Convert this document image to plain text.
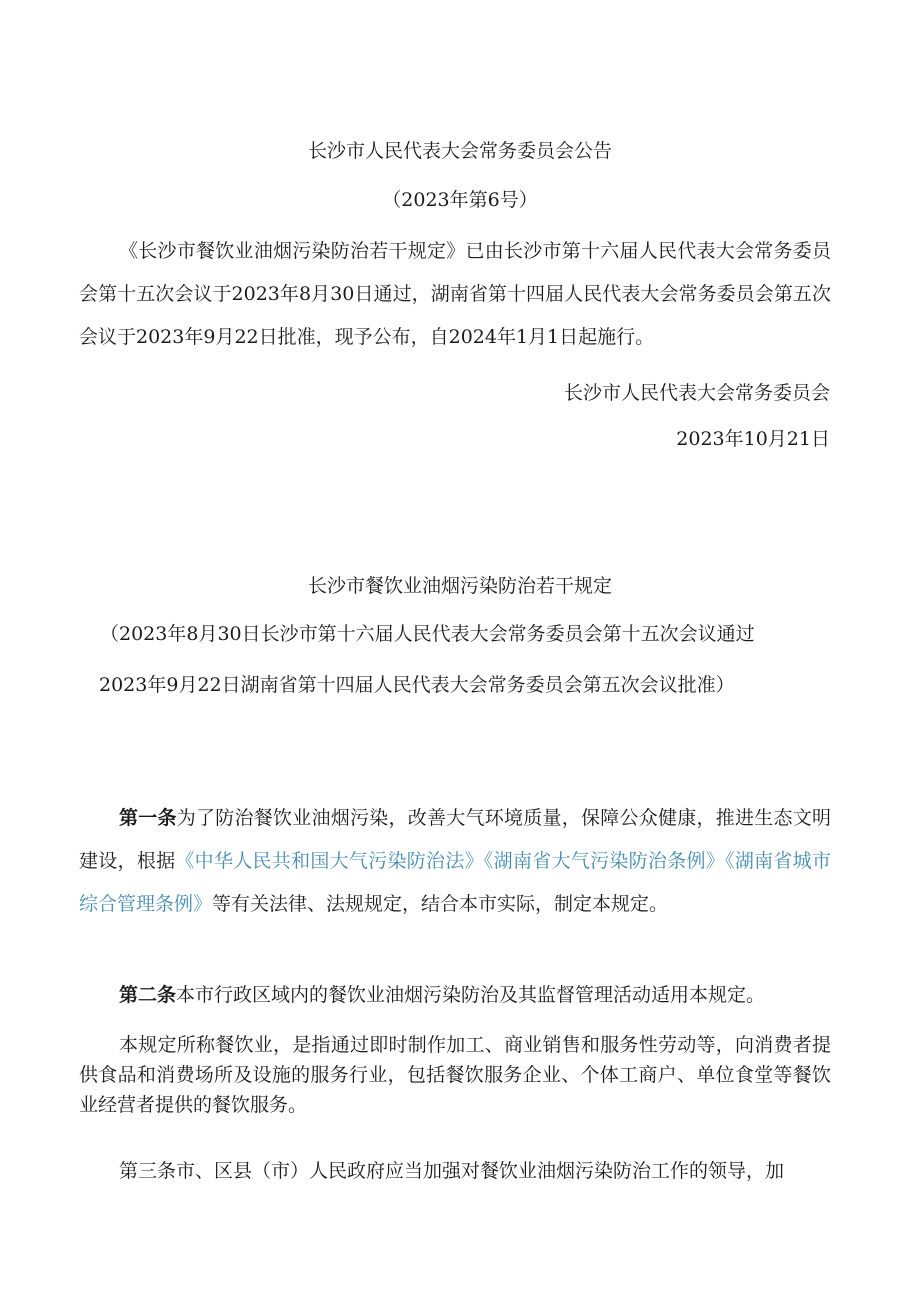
长沙市人民代表大会常务委员会公告
（2023年第6号）
《长沙市餐饮业油烟污染防治若干规定》已由长沙市第十六届人民代表大会常务委员会第十五次会议于2023年8月30日通过，湖南省第十四届人民代表大会常务委员会第五次会议于2023年9月22日批准，现予公布，自2024年1月1日起施行。
长沙市人民代表大会常务委员会
2023年10月21日
长沙市餐饮业油烟污染防治若干规定
（2023年8月30日长沙市第十六届人民代表大会常务委员会第十五次会议通过
2023年9月22日湖南省第十四届人民代表大会常务委员会第五次会议批准）
第一条为了防治餐饮业油烟污染，改善大气环境质量，保障公众健康，推进生态文明建设，根据《中华人民共和国大气污染防治法》《湖南省大气污染防治条例》《湖南省城市综合管理条例》等有关法律、法规规定，结合本市实际，制定本规定。
第二条本市行政区域内的餐饮业油烟污染防治及其监督管理活动适用本规定。
本规定所称餐饮业，是指通过即时制作加工、商业销售和服务性劳动等，向消费者提供食品和消费场所及设施的服务行业，包括餐饮服务企业、个体工商户、单位食堂等餐饮业经营者提供的餐饮服务。
第三条市、区县（市）人民政府应当加强对餐饮业油烟污染防治工作的领导，加
